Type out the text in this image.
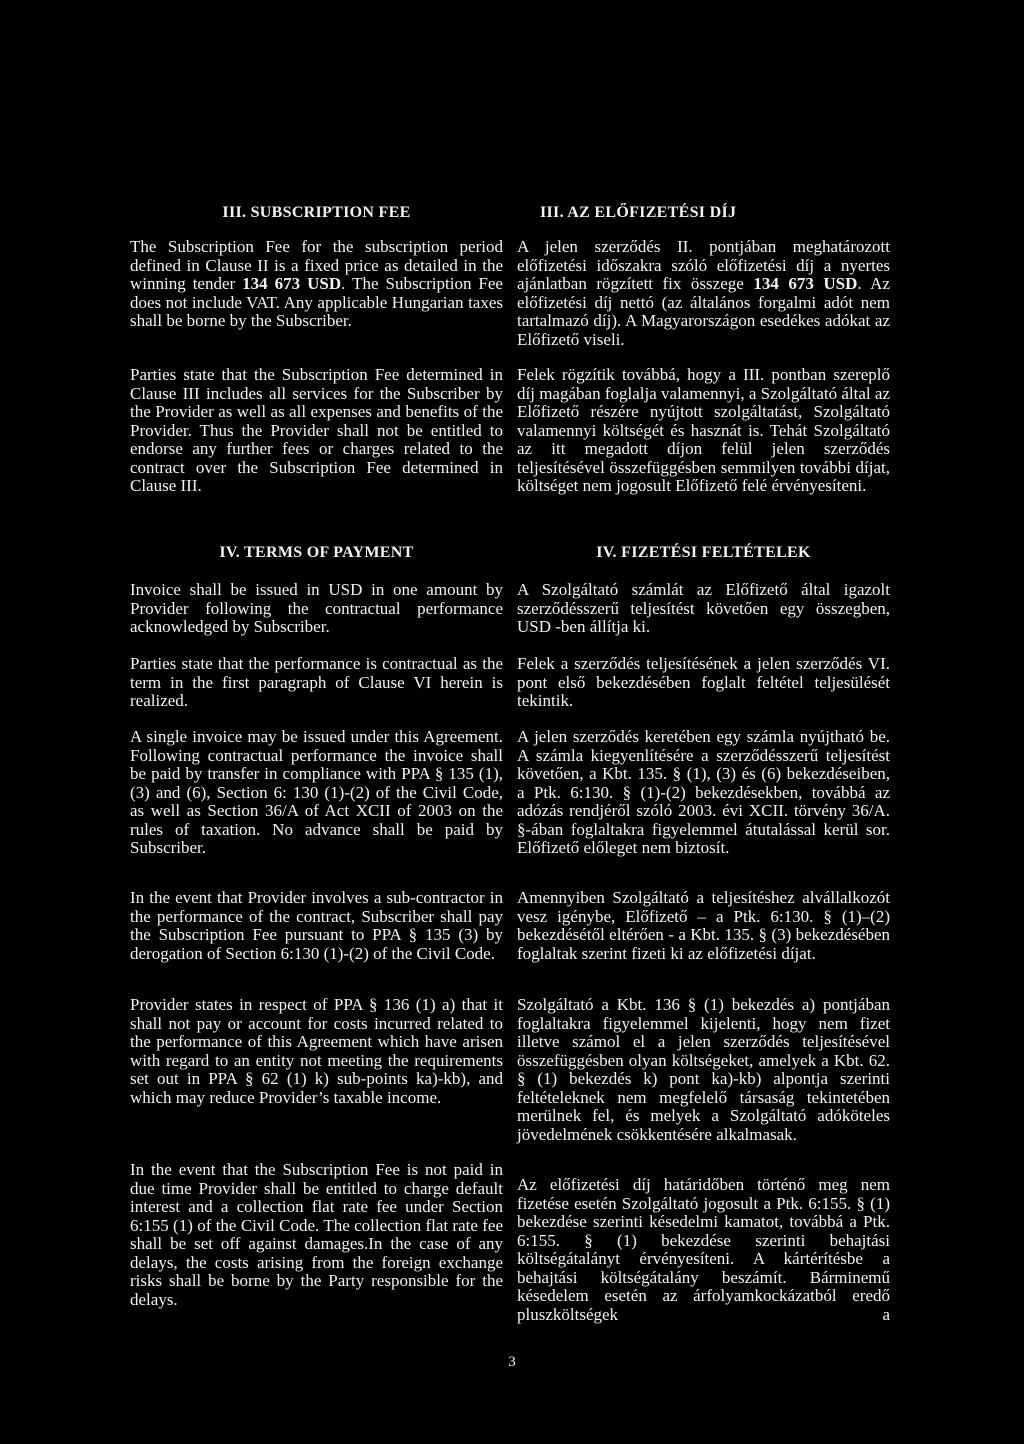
III. SUBSCRIPTION FEE	III. AZ ELŐFIZETÉSI DÍJ

The Subscription Fee for the subscription period defined in Clause II is a fixed price as detailed in the winning tender 134 673 USD. The Subscription Fee does not include VAT. Any applicable Hungarian taxes shall be borne by the Subscriber.

A jelen szerződés II. pontjában meghatározott előfizetési időszakra szóló előfizetési díj a nyertes ajánlatban rögzített fix összege 134 673 USD. Az előfizetési díj nettó (az általános forgalmi adót nem tartalmazó díj). A Magyarországon esedékes adókat az Előfizető viseli.

Parties state that the Subscription Fee determined in Clause III includes all services for the Subscriber by the Provider as well as all expenses and benefits of the Provider. Thus the Provider shall not be entitled to endorse any further fees or charges related to the contract over the Subscription Fee determined in Clause III.

Felek rögzítik továbbá, hogy a III. pontban szereplő díj magában foglalja valamennyi, a Szolgáltató által az Előfizető részére nyújtott szolgáltatást, Szolgáltató valamennyi költségét és hasznát is. Tehát Szolgáltató az itt megadott díjon felül jelen szerződés teljesítésével összefüggésben semmilyen további díjat, költséget nem jogosult Előfizető felé érvényesíteni.

IV. TERMS OF PAYMENT	IV. FIZETÉSI FELTÉTELEK

Invoice shall be issued in USD in one amount by Provider following the contractual performance acknowledged by Subscriber.

A Szolgáltató számlát az Előfizető által igazolt szerződésszerű teljesítést követően egy összegben, USD -ben állítja ki.

Parties state that the performance is contractual as the term in the first paragraph of Clause VI herein is realized.

Felek a szerződés teljesítésének a jelen szerződés VI. pont első bekezdésében foglalt feltétel teljesülését tekintik.

A single invoice may be issued under this Agreement. Following contractual performance the invoice shall be paid by transfer in compliance with PPA § 135 (1), (3) and (6), Section 6: 130 (1)-(2) of the Civil Code, as well as Section 36/A of Act XCII of 2003 on the rules of taxation. No advance shall be paid by Subscriber.

A jelen szerződés keretében egy számla nyújtható be. A számla kiegyenlítésére a szerződésszerű teljesítést követően, a Kbt. 135. § (1), (3) és (6) bekezdéseiben, a Ptk. 6:130. § (1)-(2) bekezdésekben, továbbá az adózás rendjéről szóló 2003. évi XCII. törvény 36/A. §-ában foglaltakra figyelemmel átutalással kerül sor. Előfizető előleget nem biztosít.

In the event that Provider involves a sub-contractor in the performance of the contract, Subscriber shall pay the Subscription Fee pursuant to PPA § 135 (3) by derogation of Section 6:130 (1)-(2) of the Civil Code.

Amennyiben Szolgáltató a teljesítéshez alvállalkozót vesz igénybe, Előfizető – a Ptk. 6:130. § (1)–(2) bekezdésétől eltérően - a Kbt. 135. § (3) bekezdésében foglaltak szerint fizeti ki az előfizetési díjat.

Provider states in respect of PPA § 136 (1) a) that it shall not pay or account for costs incurred related to the performance of this Agreement which have arisen with regard to an entity not meeting the requirements set out in PPA § 62 (1) k) sub-points ka)-kb), and which may reduce Provider’s taxable income.

Szolgáltató a Kbt. 136 § (1) bekezdés a) pontjában foglaltakra figyelemmel kijelenti, hogy nem fizet illetve számol el a jelen szerződés teljesítésével összefüggésben olyan költségeket, amelyek a Kbt. 62. § (1) bekezdés k) pont ka)-kb) alpontja szerinti feltételeknek nem megfelelő társaság tekintetében merülnek fel, és melyek a Szolgáltató adóköteles jövedelmének csökkentésére alkalmasak.

In the event that the Subscription Fee is not paid in due time Provider shall be entitled to charge default interest and a collection flat rate fee under Section 6:155 (1) of the Civil Code. The collection flat rate fee shall be set off against damages.In the case of any delays, the costs arising from the foreign exchange risks shall be borne by the Party responsible for the delays.

Az előfizetési díj határidőben történő meg nem fizetése esetén Szolgáltató jogosult a Ptk. 6:155. § (1) bekezdése szerinti késedelmi kamatot, továbbá a Ptk. 6:155. § (1) bekezdése szerinti behajtási költségátalányt érvényesíteni. A kártérítésbe a behajtási költségátalány beszámít. Bárminemű késedelem esetén az árfolyamkockázatból eredő pluszköltségek a

3
